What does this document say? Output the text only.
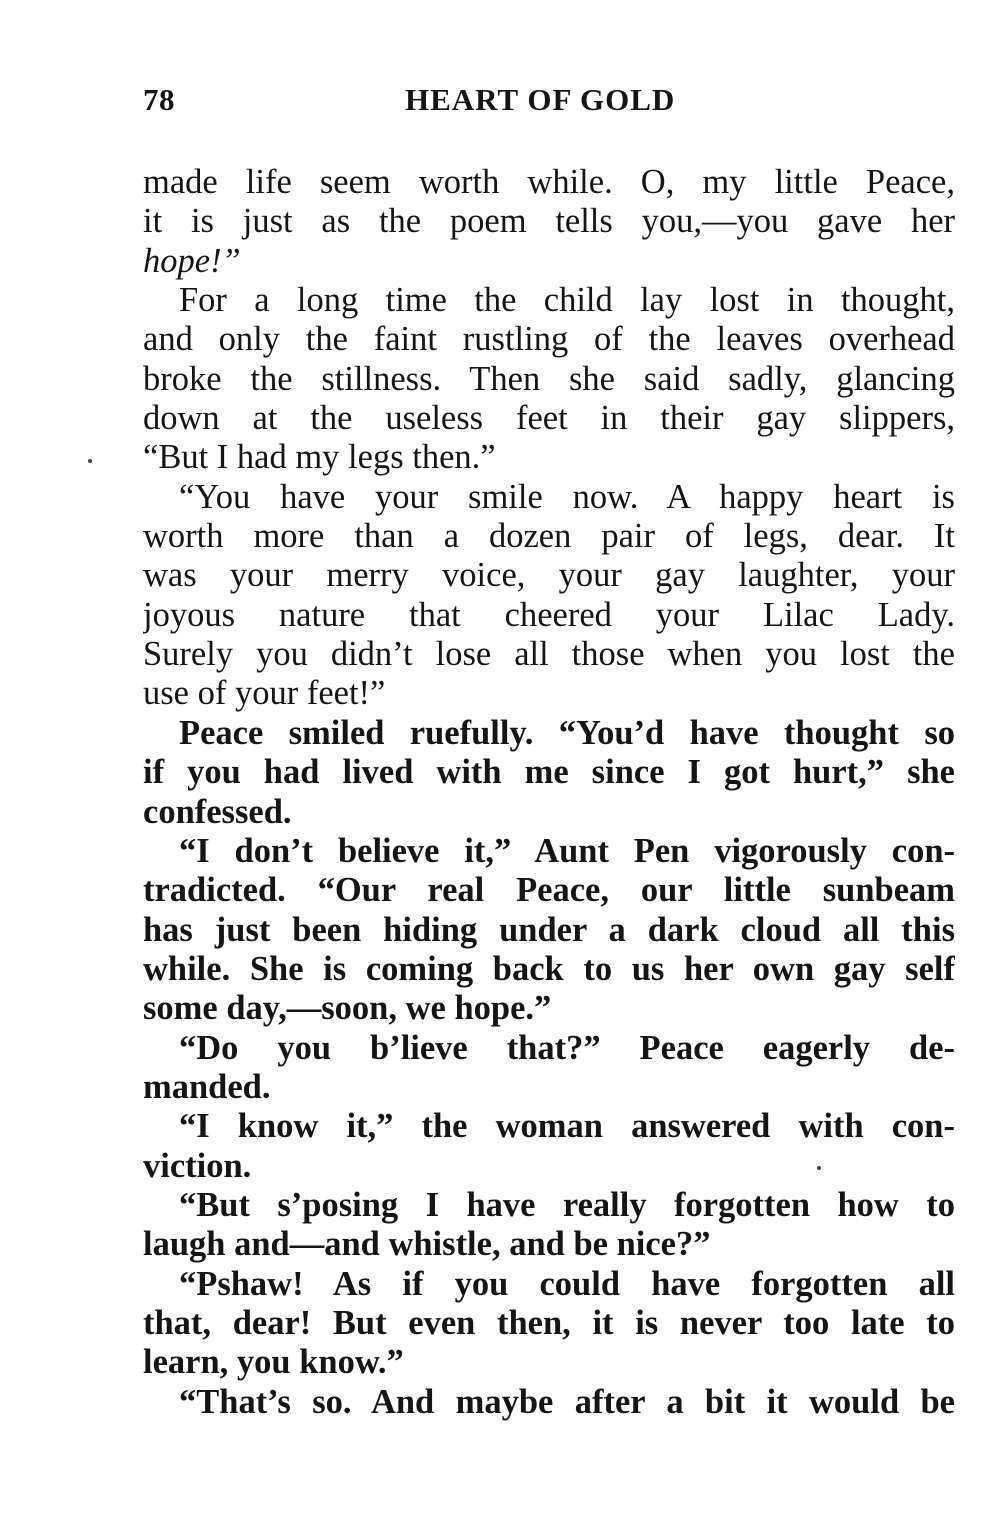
78	HEART OF GOLD
made life seem worth while. O, my little Peace,
it is just as the poem tells you,—you gave her
hope!”
For a long time the child lay lost in thought,
and only the faint rustling of the leaves overhead
broke the stillness. Then she said sadly, glancing
down at the useless feet in their gay slippers,
“But I had my legs then.”
“You have your smile now. A happy heart is
worth more than a dozen pair of legs, dear. It
was your merry voice, your gay laughter, your
joyous nature that cheered your Lilac Lady.
Surely you didn’t lose all those when you lost the
use of your feet!”
Peace smiled ruefully. “You’d have thought so
if you had lived with me since I got hurt,” she
confessed.
“I don’t believe it,” Aunt Pen vigorously con-
tradicted. “Our real Peace, our little sunbeam
has just been hiding under a dark cloud all this
while. She is coming back to us her own gay self
some day,—soon, we hope.”
“Do you b’lieve that?” Peace eagerly de-
manded.
“I know it,” the woman answered with con-
viction.
“But s’posing I have really forgotten how to
laugh and—and whistle, and be nice?”
“Pshaw! As if you could have forgotten all
that, dear! But even then, it is never too late to
learn, you know.”
“That’s so. And maybe after a bit it would be
